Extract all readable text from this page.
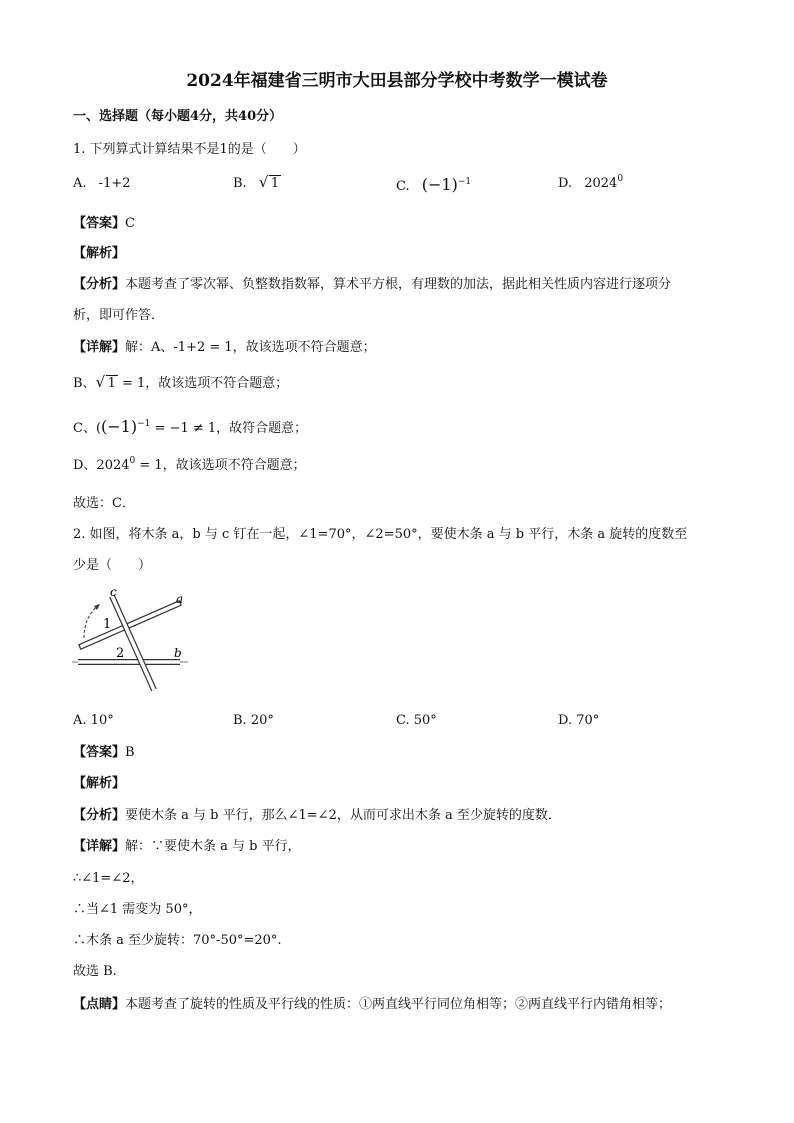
2024年福建省三明市大田县部分学校中考数学一模试卷
一、选择题（每小题4分，共40分）
1. 下列算式计算结果不是1的是（　　）
A. -1+2	B. √ 1	C. $(-1)^{-1}$	D. 2024$^0$
【答案】C
【解析】
【分析】本题考查了零次幂、负整数指数幂，算术平方根，有理数的加法，据此相关性质内容进行逐项分
析，即可作答．
【详解】解：A、-1+2 = 1，故该选项不符合题意；
B、 √ 1 = 1，故该选项不符合题意；
C、($(-1)^{-1} = -1 \ne 1$，故符合题意；
D、$2024^0 = 1$，故该选项不符合题意；
故选：C．
2. 如图，将木条 a，b 与 c 钉在一起，∠1=70°，∠2=50°，要使木条 a 与 b 平行，木条 a 旋转的度数至
少是（　　）
c	a
b
1
2
A. 10°	B. 20°	C. 50°	D. 70°
【答案】B
【解析】
【分析】要使木条 a 与 b 平行，那么∠1=∠2，从而可求出木条 a 至少旋转的度数．
【详解】解：∵要使木条 a 与 b 平行，
∴∠1=∠2，
∴当∠1 需变为 50°，
∴木条 a 至少旋转：70°-50°=20°.
故选 B.
【点睛】本题考查了旋转的性质及平行线的性质：①两直线平行同位角相等；②两直线平行内错角相等；
